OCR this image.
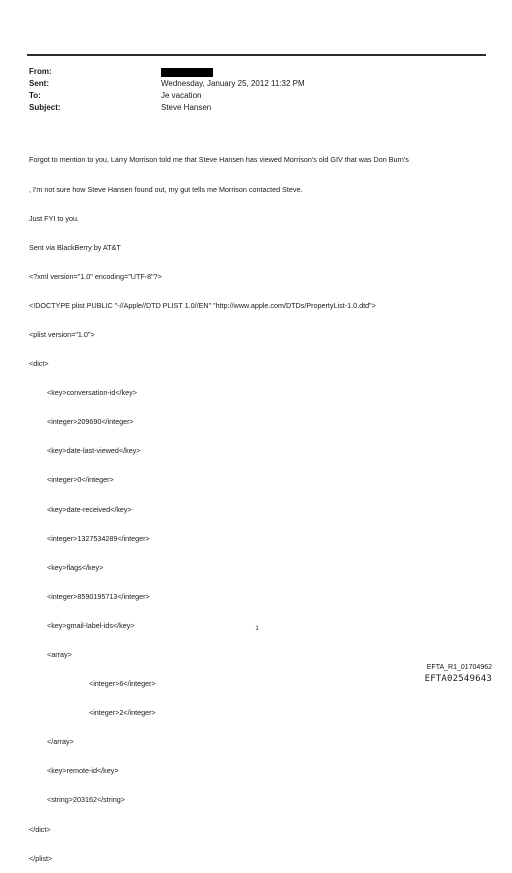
From:
Sent:	Wednesday, January 25, 2012 11:32 PM
To:	Je vacation
Subject:	Steve Hansen

Forgot to mention to you, Larry Morrison told me that Steve Hansen has viewed Morrison's old GIV that was Don Burn's

, I'm not sure how Steve Hansen found out, my gut tells me Morrison contacted Steve.

Just FYI to you.

Sent via BlackBerry by AT&T

<?xml version="1.0" encoding="UTF-8"?>

<!DOCTYPE plist PUBLIC "-//Apple//DTD PLIST 1.0//EN" "http://www.apple.com/DTDs/PropertyList-1.0.dtd">

<plist version="1.0">

<dict>

<key>conversation-id</key>

<integer>209690</integer>

<key>date-last-viewed</key>

<integer>0</integer>

<key>date-received</key>

<integer>1327534289</integer>

<key>flags</key>

<integer>8590195713</integer>

<key>gmail-label-ids</key>

<array>

<integer>6</integer>

<integer>2</integer>

</array>

<key>remote-id</key>

<string>203162</string>

</dict>

</plist>

1
EFTA_R1_01704962
EFTA02549643
